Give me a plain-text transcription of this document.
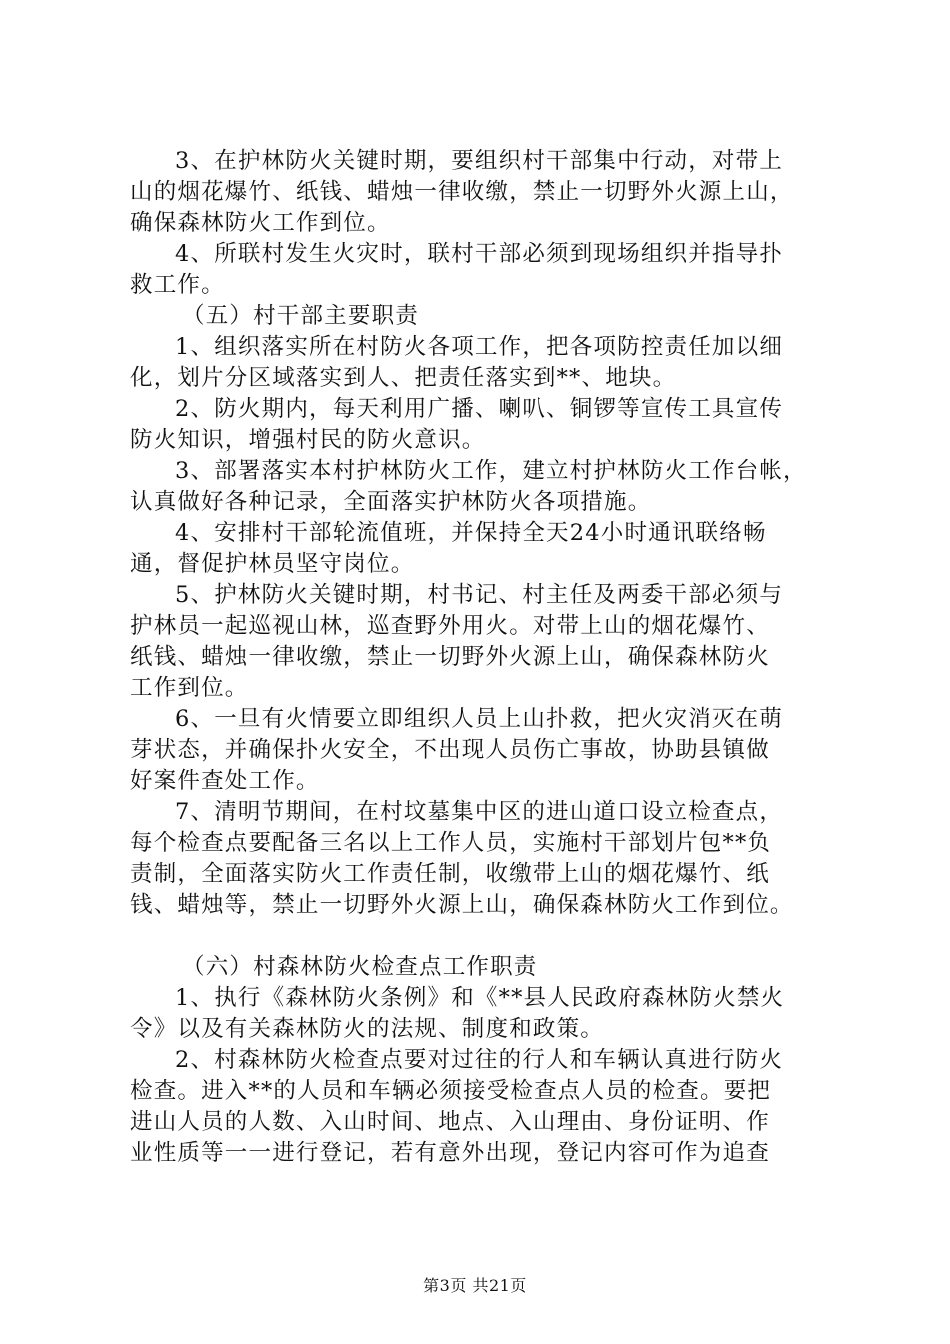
3、在护林防火关键时期，要组织村干部集中行动，对带上
山的烟花爆竹、纸钱、蜡烛一律收缴，禁止一切野外火源上山，
确保森林防火工作到位。
4、所联村发生火灾时，联村干部必须到现场组织并指导扑
救工作。
（五）村干部主要职责
1、组织落实所在村防火各项工作，把各项防控责任加以细
化，划片分区域落实到人、把责任落实到**、地块。
2、防火期内，每天利用广播、喇叭、铜锣等宣传工具宣传
防火知识，增强村民的防火意识。
3、部署落实本村护林防火工作，建立村护林防火工作台帐，
认真做好各种记录，全面落实护林防火各项措施。
4、安排村干部轮流值班，并保持全天24小时通讯联络畅
通，督促护林员坚守岗位。
5、护林防火关键时期，村书记、村主任及两委干部必须与
护林员一起巡视山林，巡查野外用火。对带上山的烟花爆竹、
纸钱、蜡烛一律收缴，禁止一切野外火源上山，确保森林防火
工作到位。
6、一旦有火情要立即组织人员上山扑救，把火灾消灭在萌
芽状态，并确保扑火安全，不出现人员伤亡事故，协助县镇做
好案件查处工作。
7、清明节期间，在村坟墓集中区的进山道口设立检查点，
每个检查点要配备三名以上工作人员，实施村干部划片包**负
责制，全面落实防火工作责任制，收缴带上山的烟花爆竹、纸
钱、蜡烛等，禁止一切野外火源上山，确保森林防火工作到位。
（六）村森林防火检查点工作职责
1、执行《森林防火条例》和《**县人民政府森林防火禁火
令》以及有关森林防火的法规、制度和政策。
2、村森林防火检查点要对过往的行人和车辆认真进行防火
检查。进入**的人员和车辆必须接受检查点人员的检查。要把
进山人员的人数、入山时间、地点、入山理由、身份证明、作
业性质等一一进行登记，若有意外出现，登记内容可作为追查
第3页 共21页
